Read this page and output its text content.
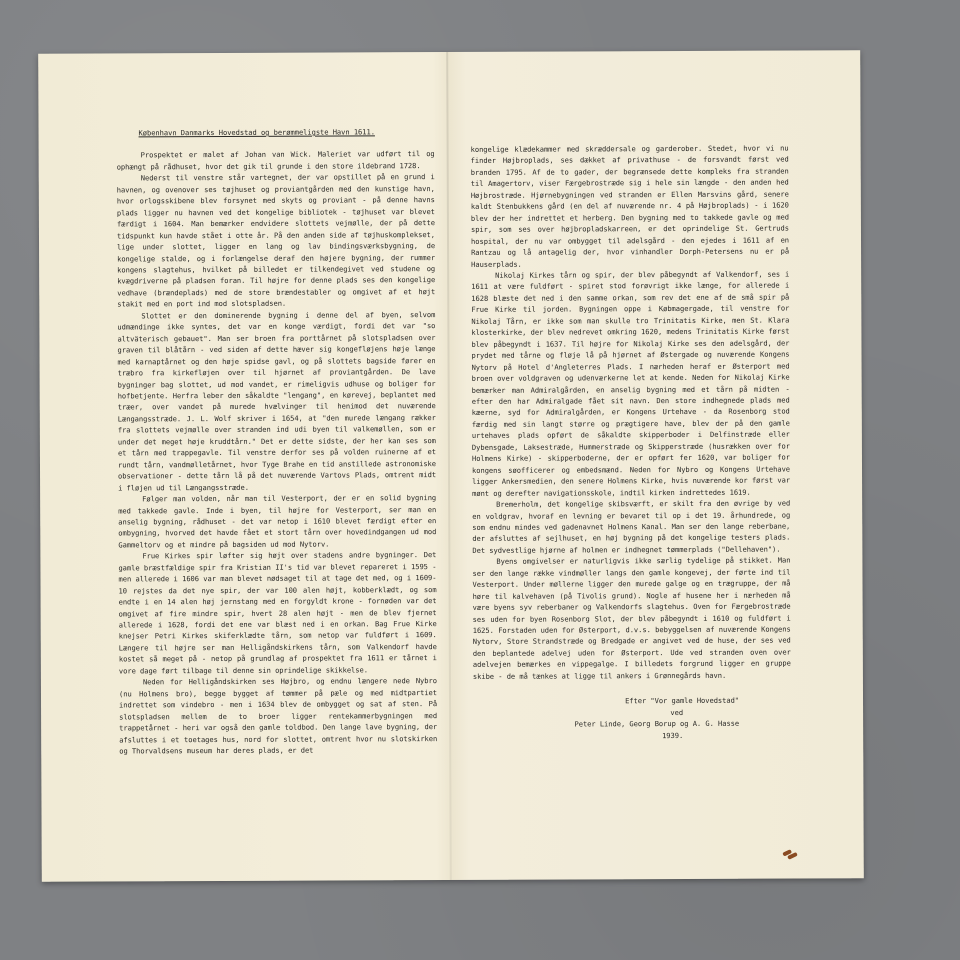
København Danmarks Hovedstad og berømmeligste Havn 1611.

Prospektet er malet af Johan van Wick. Maleriet var udført til og ophængt på rådhuset, hvor det gik til grunde i den store ildebrand 1728.

Nederst til venstre står vartegnet, der var opstillet på en grund i havnen, og ovenover ses tøjhuset og proviantgården med den kunstige havn, hvor orlogsskibene blev forsynet med skyts og proviant - på denne havns plads ligger nu havnen ved det kongelige bibliotek - tøjhuset var blevet færdigt i 1604. Man bemærker endvidere slottets vejmølle, der på dette tidspunkt kun havde stået i otte år. På den anden side af tøjhuskomplekset, lige under slottet, ligger en lang og lav bindingsværksbygning, de kongelige stalde, og i forlængelse deraf den højere bygning, der rummer kongens slagtehus, hvilket på billedet er tilkendegivet ved studene og kvægdriverne på pladsen foran. Til højre for denne plads ses den kongelige vedhave (brændeplads) med de store brændestabler og omgivet af et højt stakit med en port ind mod slotspladsen.

Slottet er den dominerende bygning i denne del af byen, selvom udmændinge ikke syntes, det var en konge værdigt, fordi det var "so altväterisch gebauet". Man ser broen fra porttårnet på slotspladsen over graven til blåtårn - ved siden af dette hæver sig kongefløjens høje længe med karnaptårnet og den høje spidse gavl, og på slottets bagside fører en træbro fra kirkefløjen over til hjørnet af proviantgården. De lave bygninger bag slottet, ud mod vandet, er rimeligvis udhuse og boliger for hofbetjente. Herfra leber den såkaldte "lengang", en kørevej, beplantet med træer, over vandet på murede hvælvinger til henimod det nuværende Længangsstræde. J. L. Wolf skriver i 1654, at "den murede længang rækker fra slottets vejmølle over stranden ind udi byen til valkemøllen, som er under det meget høje kruddtårn." Det er dette sidste, der her kan ses som et tårn med trappegavle. Til venstre derfor ses på volden ruinerne af et rundt tårn, vandmølletårnet, hvor Tyge Brahe en tid anstillede astronomiske observationer - dette tårn lå på det nuværende Vartovs Plads, omtrent midt i fløjen ud til Længangsstræde.

Følger man volden, når man til Vesterport, der er en solid bygning med takkede gavle. Inde i byen, til højre for Vesterport, ser man en anselig bygning, rådhuset - det var netop i 1610 blevet færdigt efter en ombygning, hvorved det havde fået et stort tårn over hovedindgangen ud mod Gammeltorv og et mindre på bagsiden ud mod Nytorv.

Frue Kirkes spir løfter sig højt over stadens andre bygninger. Det gamle bræstfældige spir fra Kristian II's tid var blevet repareret i 1595 - men allerede i 1606 var man blevet nødsaget til at tage det med, og i 1609-10 rejstes da det nye spir, der var 100 alen højt, kobberklædt, og som endte i en 14 alen høj jernstang med en forgyldt krone - fornøden var det omgivet af fire mindre spir, hvert 28 alen højt - men de blev fjernet allerede i 1628, fordi det ene var blæst ned i en orkan. Bag Frue Kirke knejser Petri Kirkes skiferklædte tårn, som netop var fuldført i 1609. Længere til højre ser man Helligåndskirkens tårn, som Valkendorf havde kostet så meget på - netop på grundlag af prospektet fra 1611 er tårnet i vore dage ført tilbage til denne sin oprindelige skikkelse.

Neden for Helligåndskirken ses Højbro, og endnu længere nede Nybro (nu Holmens bro), begge bygget af tømmer på pæle og med midtpartiet indrettet som vindebro - men i 1634 blev de ombygget og sat af sten. På slotspladsen mellem de to broer ligger rentekammerbygningen med trappetårnet - heri var også den gamle toldbod. Den lange lave bygning, der afsluttes i et toetages hus, nord for slottet, omtrent hvor nu slotskirken og Thorvaldsens museum har deres plads, er det

kongelige klædekammer med skræddersale og garderober. Stedet, hvor vi nu finder Højbroplads, ses dækket af privathuse - de forsvandt først ved branden 1795. Af de to gader, der begrænsede dette kompleks fra stranden til Amagertorv, viser Færgebrostræde sig i hele sin længde - den anden hed Højbrostræde. Hjørnebygningen ved stranden er Ellen Marsvins gård, senere kaldt Stenbukkens gård (en del af nuværende nr. 4 på Højbroplads) - i 1620 blev der her indrettet et herberg. Den bygning med to takkede gavle og med spir, som ses over højbropladskarreen, er det oprindelige St. Gertruds hospital, der nu var ombygget til adelsgård - den ejedes i 1611 af en Rantzau og lå antagelig der, hvor vinhandler Dorph-Petersens nu er på Hauserplads.

Nikolaj Kirkes tårn og spir, der blev påbegyndt af Valkendorf, ses i 1611 at være fuldført - spiret stod forøvrigt ikke længe, for allerede i 1628 blæste det ned i den samme orkan, som rev det ene af de små spir på Frue Kirke til jorden. Bygningen oppe i Købmagergade, til venstre for Nikolaj Tårn, er ikke som man skulle tro Trinitatis Kirke, men St. Klara klosterkirke, der blev nedrevet omkring 1620, medens Trinitatis Kirke først blev påbegyndt i 1637. Til højre for Nikolaj Kirke ses den adelsgård, der prydet med tårne og fløje lå på hjørnet af Østergade og nuværende Kongens Nytorv på Hotel d'Angleterres Plads. I nærheden heraf er Østerport med broen over voldgraven og udenværkerne let at kende. Neden for Nikolaj Kirke bemærker man Admiralgården, en anselig bygning med et tårn på midten - efter den har Admiralgade fået sit navn. Den store indhegnede plads med kæerne, syd for Admiralgården, er Kongens Urtehave - da Rosenborg stod færdig med sin langt større og prægtigere have, blev der på den gamle urtehaves plads opført de såkaldte skipperboder i Delfinstræde eller Dybensgade, Laksestræde, Hummerstræde og Skipperstræde (husrækken over for Holmens Kirke) - skipperboderne, der er opført fer 1620, var boliger for kongens søofficerer og embedsmænd. Neden for Nybro og Kongens Urtehave ligger Ankersmedien, den senere Holmens Kirke, hvis nuværende kor først var mønt og derefter navigationsskole, indtil kirken indrettedes 1619.

Bremerholm, det kongelige skibsværft, er skilt fra den øvrige by ved en voldgrav, hvoraf en levning er bevaret til op i det 19. århundrede, og som endnu mindes ved gadenavnet Holmens Kanal. Man ser den lange reberbane, der afsluttes af sejlhuset, en høj bygning på det kongelige testers plads. Det sydvestlige hjørne af holmen er indhegnet tømmerplads ("Dellehaven").

Byens omgivelser er naturligvis ikke særlig tydelige på stikket. Man ser den lange række vindmøller langs den gamle kongevej, der førte ind til Vesterport. Under møllerne ligger den murede galge og en trægruppe, der må høre til kalvehaven (på Tivolis grund). Nogle af husene her i nærheden må være byens syv reberbaner og Valkendorfs slagtehus. Oven for Færgebrostræde ses uden for byen Rosenborg Slot, der blev påbegyndt i 1610 og fuldført i 1625. Forstaden uden for Østerport, d.v.s. bebyggelsen af nuværende Kongens Nytorv, Store Strandstræde og Bredgade er angivet ved de huse, der ses ved den beplantede adelvej uden for Østerport. Ude ved stranden oven over adelvejen bemærkes en vippegalge. I billedets forgrund ligger en gruppe skibe - de må tænkes at ligge til ankers i Grønnegårds havn.

Efter "Vor gamle Hovedstad"
ved
Peter Linde, Georg Borup og A. G. Hasse
1939.
